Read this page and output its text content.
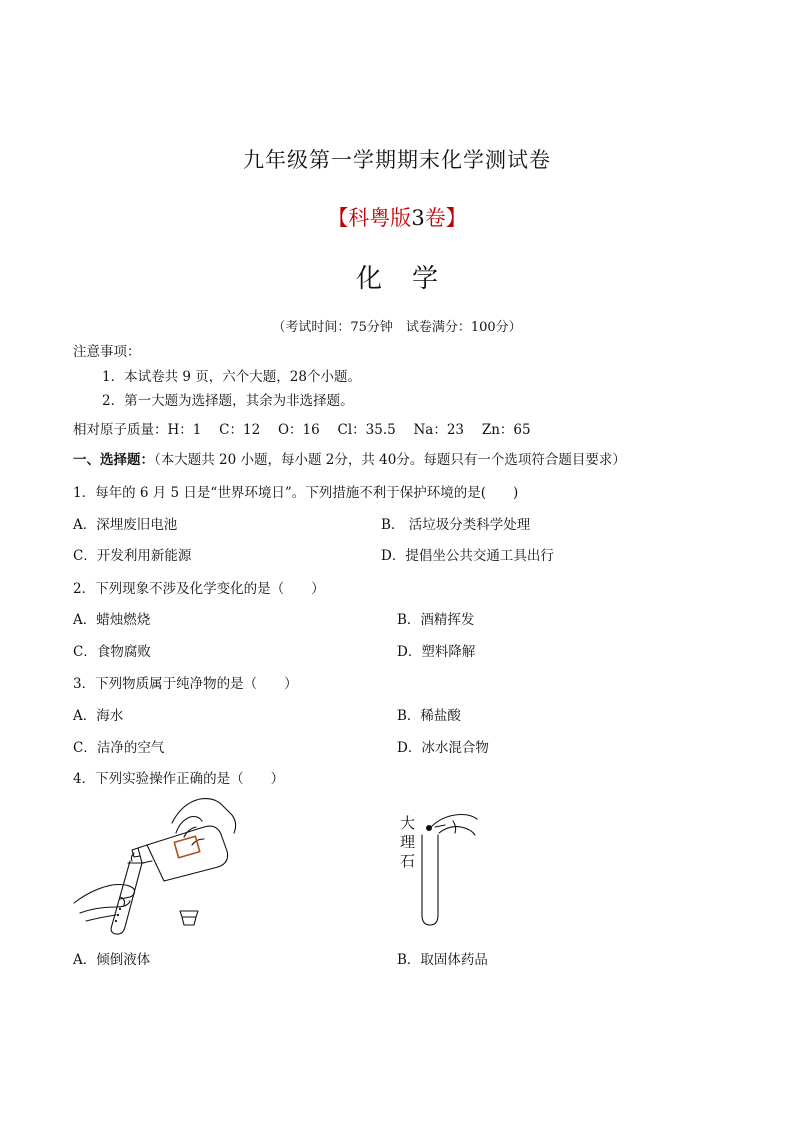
九年级第一学期期末化学测试卷
【科粤版3卷】
化学
（考试时间：75分钟　试卷满分：100分）
注意事项：
1．本试卷共 9 页，六个大题，28个小题。
2．第一大题为选择题，其余为非选择题。
相对原子质量：H：1　 C：12　 O：16　 Cl：35.5　 Na：23　 Zn：65
一、选择题：（本大题共 20 小题，每小题 2分，共 40分。每题只有一个选项符合题目要求）
1．每年的 6 月 5 日是“世界环境日”。下列措施不利于保护环境的是(　　)
A．深埋废旧电池	B． 活垃圾分类科学处理
C．开发利用新能源	D．提倡坐公共交通工具出行
2．下列现象不涉及化学变化的是（　　）
A．蜡烛燃烧	B．酒精挥发
C．食物腐败	D．塑料降解
3．下列物质属于纯净物的是（　　）
A．海水	B．稀盐酸
C．洁净的空气	D．冰水混合物
4．下列实验操作正确的是（　　）
大
理
石
A．倾倒液体	B．取固体药品
